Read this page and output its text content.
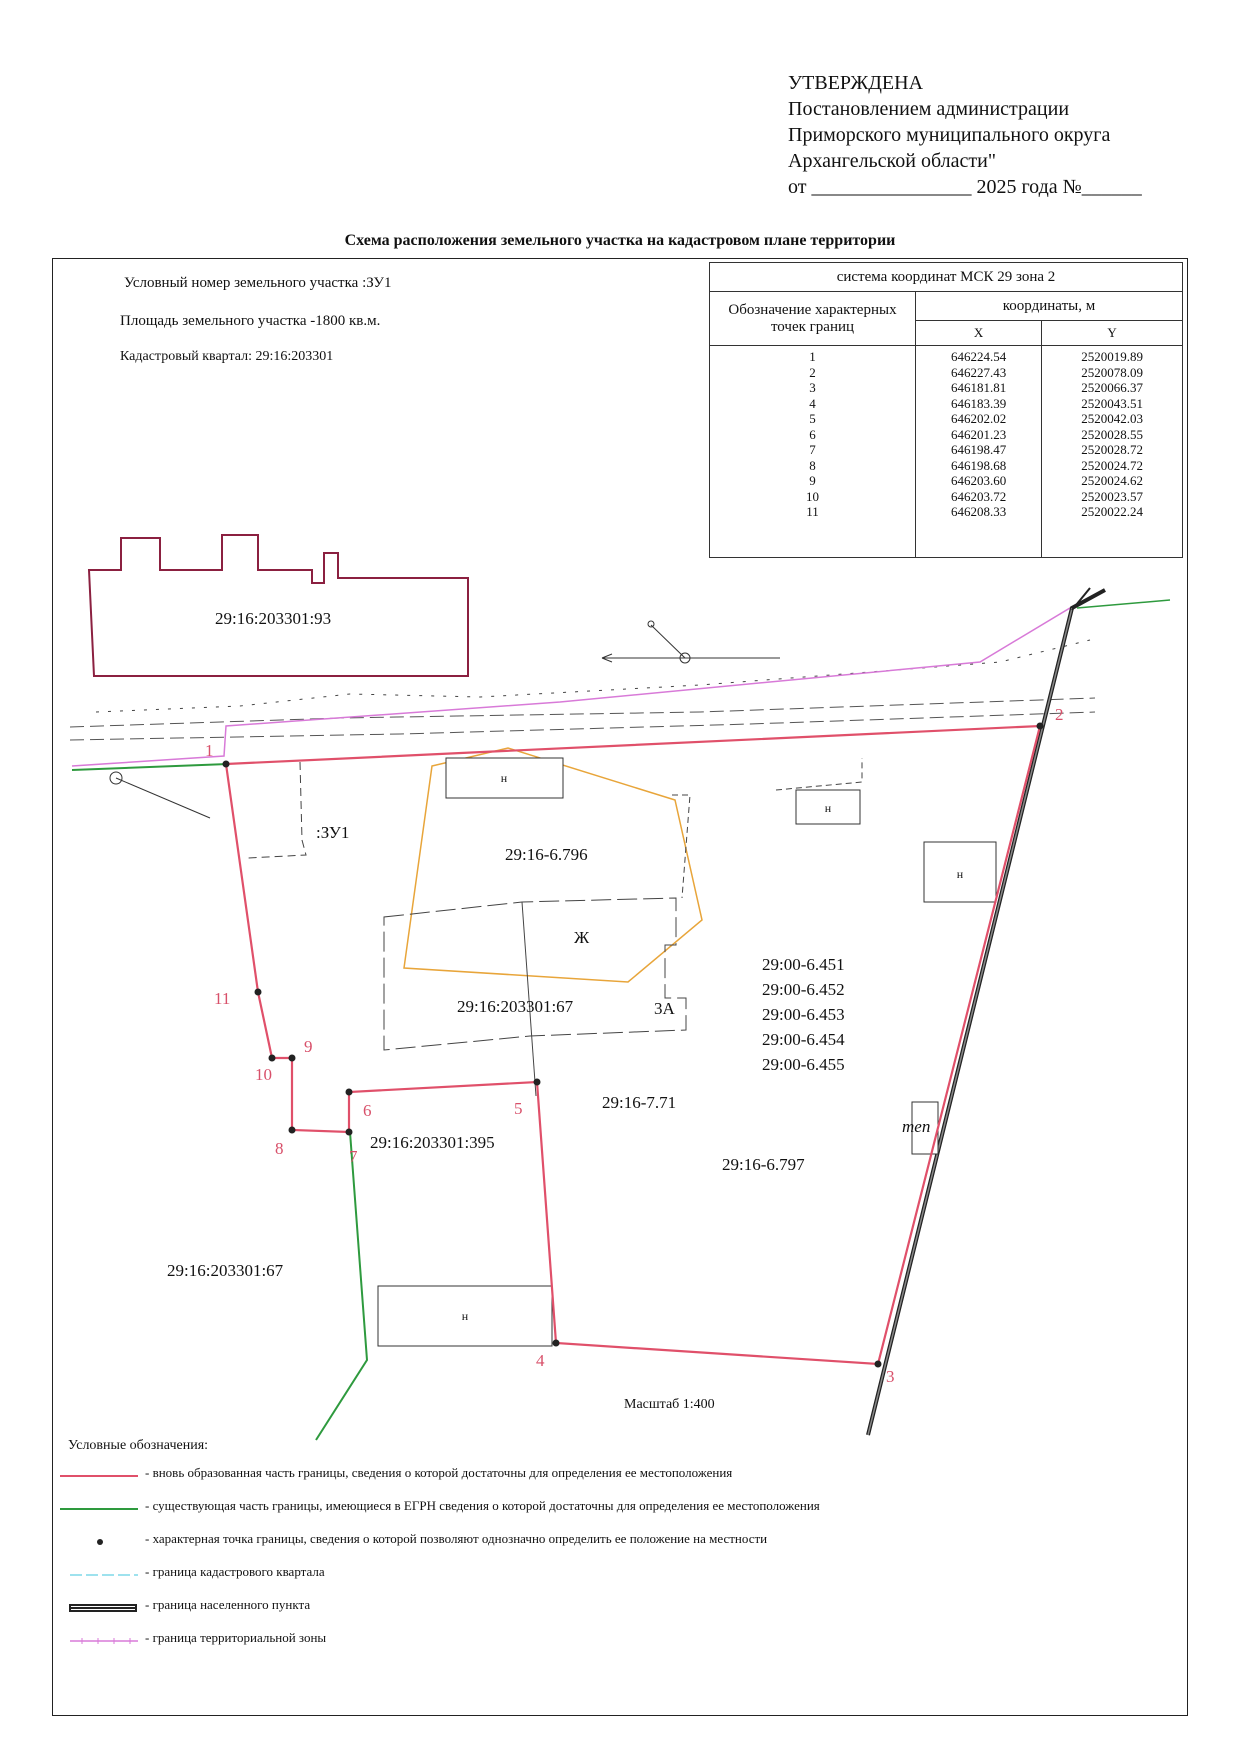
УТВЕРЖДЕНА
Постановлением администрации
Приморского муниципального округа
Архангельской области"
от ________________ 2025 года №______
Схема расположения земельного участка на кадастровом плане территории
1
2
3
4
5
6
7
8
9
10
11
29:16:203301:93
:ЗУ1
29:16-6.796
Ж
29:16:203301:67	3А
29:00-6.451
29:00-6.452
29:00-6.453
29:00-6.454
29:00-6.455
29:16-7.71
29:16:203301:395
29:16-6.797
29:16:203301:67
теп
н
н
н
н
Масштаб 1:400
Условный номер земельного участка :ЗУ1
Площадь земельного участка -1800 кв.м.
Кадастровый квартал: 29:16:203301
система координат МСК 29 зона 2		
Обозначение характерных точек границ	координаты, м	
	X	Y
1	646224.54	2520019.89
2	646227.43	2520078.09
3	646181.81	2520066.37
4	646183.39	2520043.51
5	646202.02	2520042.03
6	646201.23	2520028.55
7	646198.47	2520028.72
8	646198.68	2520024.72
9	646203.60	2520024.62
10	646203.72	2520023.57
11	646208.33	2520022.24

Условные обозначения:
- вновь образованная часть границы, сведения о которой достаточны для определения ее местоположения
- существующая часть границы, имеющиеся в ЕГРН сведения о которой достаточны для определения ее местоположения
- характерная точка границы, сведения о которой позволяют однозначно определить ее положение на местности
- граница кадастрового квартала
- граница населенного пункта
- граница территориальной зоны
